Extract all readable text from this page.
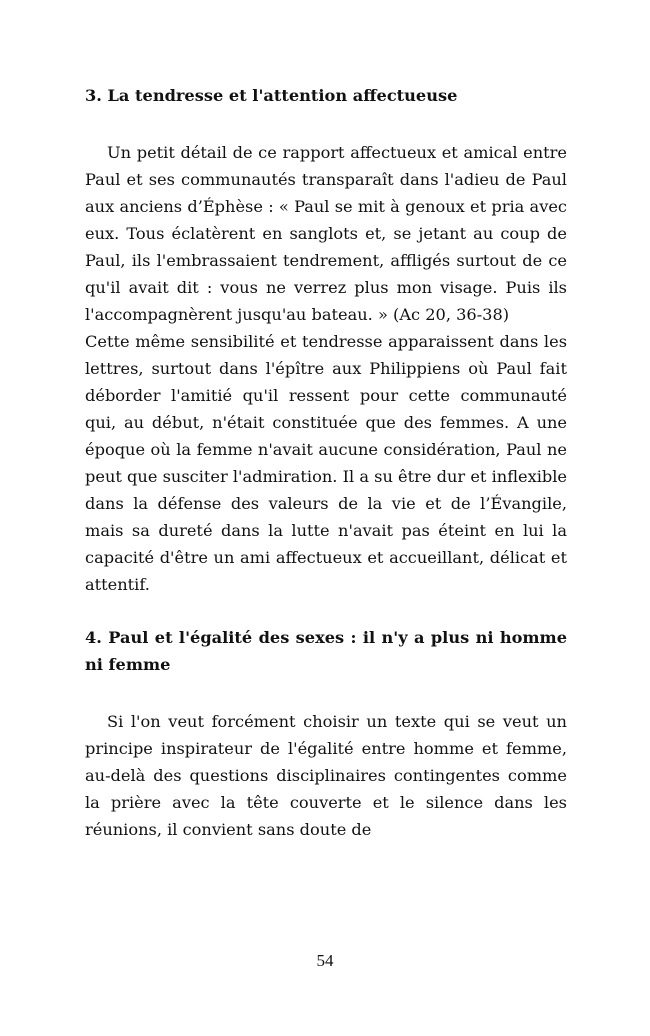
3. La tendresse et l'attention affectueuse

Un petit détail de ce rapport affectueux et amical entre Paul et ses communautés transparaît dans l'adieu de Paul aux anciens d’Éphèse : « Paul se mit à genoux et pria avec eux. Tous éclatèrent en sanglots et, se jetant au coup de Paul, ils l'embrassaient tendrement, affligés surtout de ce qu'il avait dit : vous ne verrez plus mon visage. Puis ils l'accompagnèrent jusqu'au bateau. » (Ac 20, 36-38)

Cette même sensibilité et tendresse apparaissent dans les lettres, surtout dans l'épître aux Philippiens où Paul fait déborder l'amitié qu'il ressent pour cette communauté qui, au début, n'était constituée que des femmes. A une époque où la femme n'avait aucune considération, Paul ne peut que susciter l'admiration. Il a su être dur et inflexible dans la défense des valeurs de la vie et de l’Évangile, mais sa dureté dans la lutte n'avait pas éteint en lui la capacité d'être un ami affectueux et accueillant, délicat et attentif.

4. Paul et l'égalité des sexes : il n'y a plus ni homme ni femme

Si l'on veut forcément choisir un texte qui se veut un principe inspirateur de l'égalité entre homme et femme, au-delà des questions disciplinaires contingentes comme la prière avec la tête couverte et le silence dans les réunions, il convient sans doute de

54
